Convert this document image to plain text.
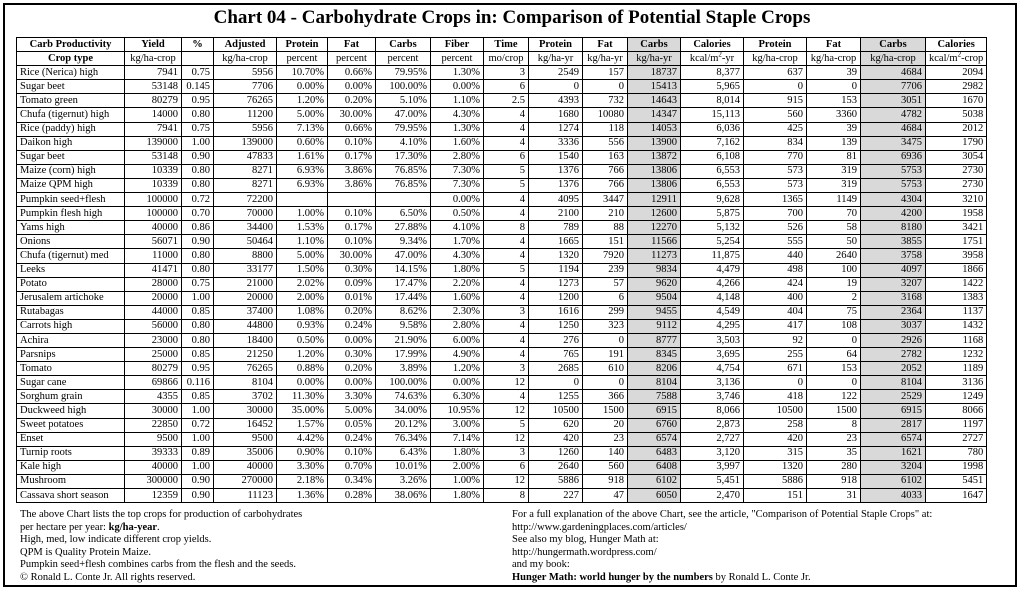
Chart 04 - Carbohydrate Crops in: Comparison of Potential Staple Crops
Carb Productivity	Yield	%	Adjusted	Protein	Fat	Carbs	Fiber	Time	Protein	Fat	Carbs	Calories	Protein	Fat	Carbs	Calories
Crop type	kg/ha-crop		kg/ha-crop	percent	percent	percent	percent	mo/crop	kg/ha-yr	kg/ha-yr	kg/ha-yr	kcal/$m^2-yr$	kg/ha-crop	kg/ha-crop	kg/ha-crop	kcal/$m^2$-crop
Rice (Nerica) high	7941	0.75	5956	10.70%	0.66%	79.95%	1.30%	3	2549	157	18737	8,377	637	39	4684	2094
Sugar beet	53148	0.145	7706	0.00%	0.00%	100.00%	0.00%	6	0	0	15413	5,965	0	0	7706	2982
Tomato green	80279	0.95	76265	1.20%	0.20%	5.10%	1.10%	2.5	4393	732	14643	8,014	915	153	3051	1670
Chufa (tigernut) high	14000	0.80	11200	5.00%	30.00%	47.00%	4.30%	4	1680	10080	14347	15,113	560	3360	4782	5038
Rice (paddy) high	7941	0.75	5956	7.13%	0.66%	79.95%	1.30%	4	1274	118	14053	6,036	425	39	4684	2012
Daikon high	139000	1.00	139000	0.60%	0.10%	4.10%	1.60%	4	3336	556	13900	7,162	834	139	3475	1790
Sugar beet	53148	0.90	47833	1.61%	0.17%	17.30%	2.80%	6	1540	163	13872	6,108	770	81	6936	3054
Maize (corn) high	10339	0.80	8271	6.93%	3.86%	76.85%	7.30%	5	1376	766	13806	6,553	573	319	5753	2730
Maize QPM high	10339	0.80	8271	6.93%	3.86%	76.85%	7.30%	5	1376	766	13806	6,553	573	319	5753	2730
Pumpkin seed+flesh	100000	0.72	72200				0.00%	4	4095	3447	12911	9,628	1365	1149	4304	3210
Pumpkin flesh high	100000	0.70	70000	1.00%	0.10%	6.50%	0.50%	4	2100	210	12600	5,875	700	70	4200	1958
Yams high	40000	0.86	34400	1.53%	0.17%	27.88%	4.10%	8	789	88	12270	5,132	526	58	8180	3421
Onions	56071	0.90	50464	1.10%	0.10%	9.34%	1.70%	4	1665	151	11566	5,254	555	50	3855	1751
Chufa (tigernut) med	11000	0.80	8800	5.00%	30.00%	47.00%	4.30%	4	1320	7920	11273	11,875	440	2640	3758	3958
Leeks	41471	0.80	33177	1.50%	0.30%	14.15%	1.80%	5	1194	239	9834	4,479	498	100	4097	1866
Potato	28000	0.75	21000	2.02%	0.09%	17.47%	2.20%	4	1273	57	9620	4,266	424	19	3207	1422
Jerusalem artichoke	20000	1.00	20000	2.00%	0.01%	17.44%	1.60%	4	1200	6	9504	4,148	400	2	3168	1383
Rutabagas	44000	0.85	37400	1.08%	0.20%	8.62%	2.30%	3	1616	299	9455	4,549	404	75	2364	1137
Carrots high	56000	0.80	44800	0.93%	0.24%	9.58%	2.80%	4	1250	323	9112	4,295	417	108	3037	1432
Achira	23000	0.80	18400	0.50%	0.00%	21.90%	6.00%	4	276	0	8777	3,503	92	0	2926	1168
Parsnips	25000	0.85	21250	1.20%	0.30%	17.99%	4.90%	4	765	191	8345	3,695	255	64	2782	1232
Tomato	80279	0.95	76265	0.88%	0.20%	3.89%	1.20%	3	2685	610	8206	4,754	671	153	2052	1189
Sugar cane	69866	0.116	8104	0.00%	0.00%	100.00%	0.00%	12	0	0	8104	3,136	0	0	8104	3136
Sorghum grain	4355	0.85	3702	11.30%	3.30%	74.63%	6.30%	4	1255	366	7588	3,746	418	122	2529	1249
Duckweed high	30000	1.00	30000	35.00%	5.00%	34.00%	10.95%	12	10500	1500	6915	8,066	10500	1500	6915	8066
Sweet potatoes	22850	0.72	16452	1.57%	0.05%	20.12%	3.00%	5	620	20	6760	2,873	258	8	2817	1197
Enset	9500	1.00	9500	4.42%	0.24%	76.34%	7.14%	12	420	23	6574	2,727	420	23	6574	2727
Turnip roots	39333	0.89	35006	0.90%	0.10%	6.43%	1.80%	3	1260	140	6483	3,120	315	35	1621	780
Kale high	40000	1.00	40000	3.30%	0.70%	10.01%	2.00%	6	2640	560	6408	3,997	1320	280	3204	1998
Mushroom	300000	0.90	270000	2.18%	0.34%	3.26%	1.00%	12	5886	918	6102	5,451	5886	918	6102	5451
Cassava short season	12359	0.90	11123	1.36%	0.28%	38.06%	1.80%	8	227	47	6050	2,470	151	31	4033	1647
The above Chart lists the top crops for production of carbohydrates
per hectare per year: kg/ha-year.
High, med, low indicate different crop yields.
QPM is Quality Protein Maize.
Pumpkin seed+flesh combines carbs from the flesh and the seeds.
© Ronald L. Conte Jr. All rights reserved.
For a full explanation of the above Chart, see the article, "Comparison of Potential Staple Crops" at:
http://www.gardeningplaces.com/articles/
See also my blog, Hunger Math at:
http://hungermath.wordpress.com/
and my book:
Hunger Math: world hunger by the numbers by Ronald L. Conte Jr.
